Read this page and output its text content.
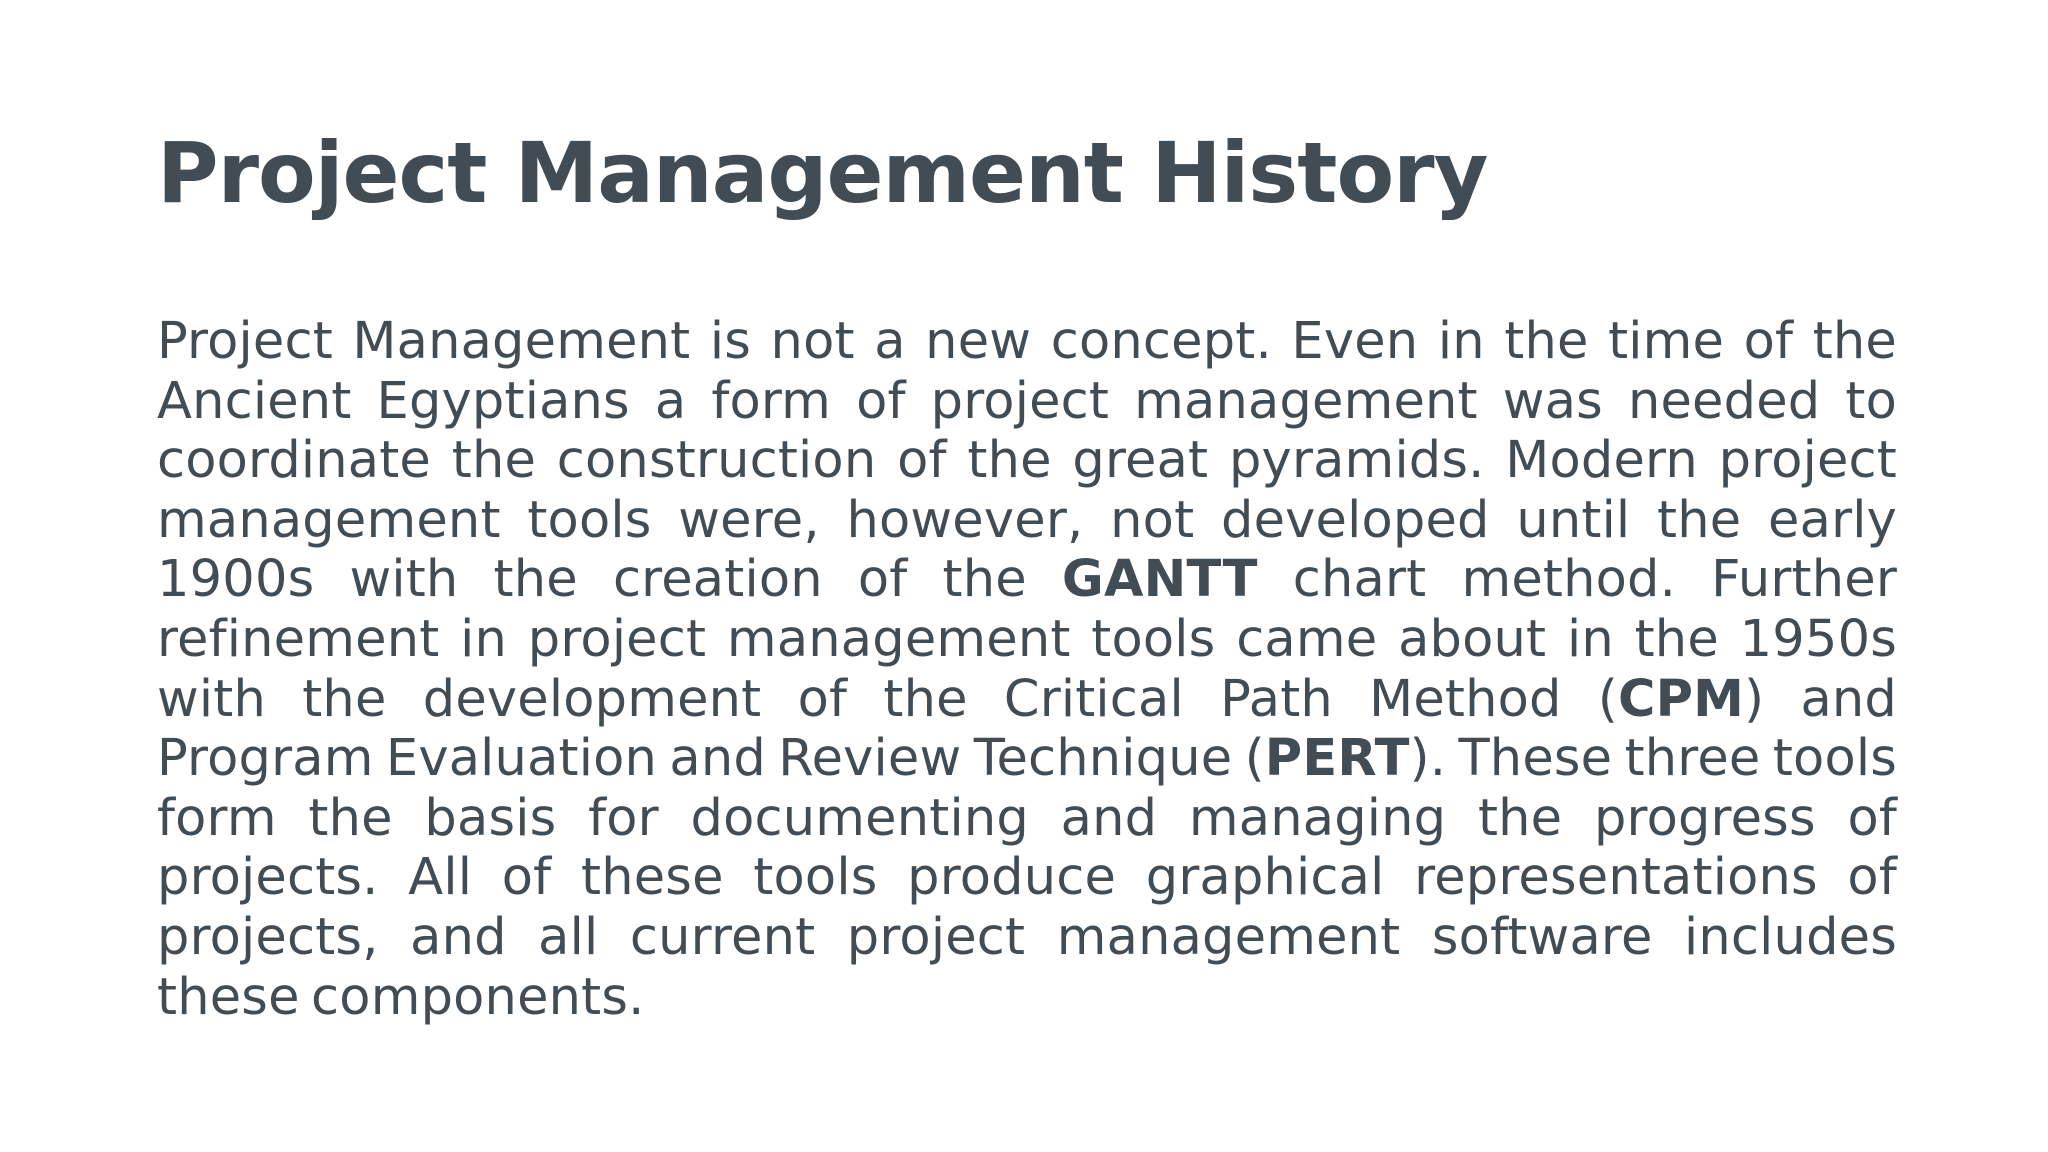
Project Management History

Project Management is not a new concept. Even in the time of the Ancient Egyptians a form of project management was needed to coordinate the construction of the great pyramids. Modern project management tools were, however, not developed until the early 1900s with the creation of the GANTT chart method. Further refinement in project management tools came about in the 1950s with the development of the Critical Path Method (CPM) and Program Evaluation and Review Technique (PERT). These three tools form the basis for documenting and managing the progress of projects. All of these tools produce graphical representations of projects, and all current project management software includes these components.
